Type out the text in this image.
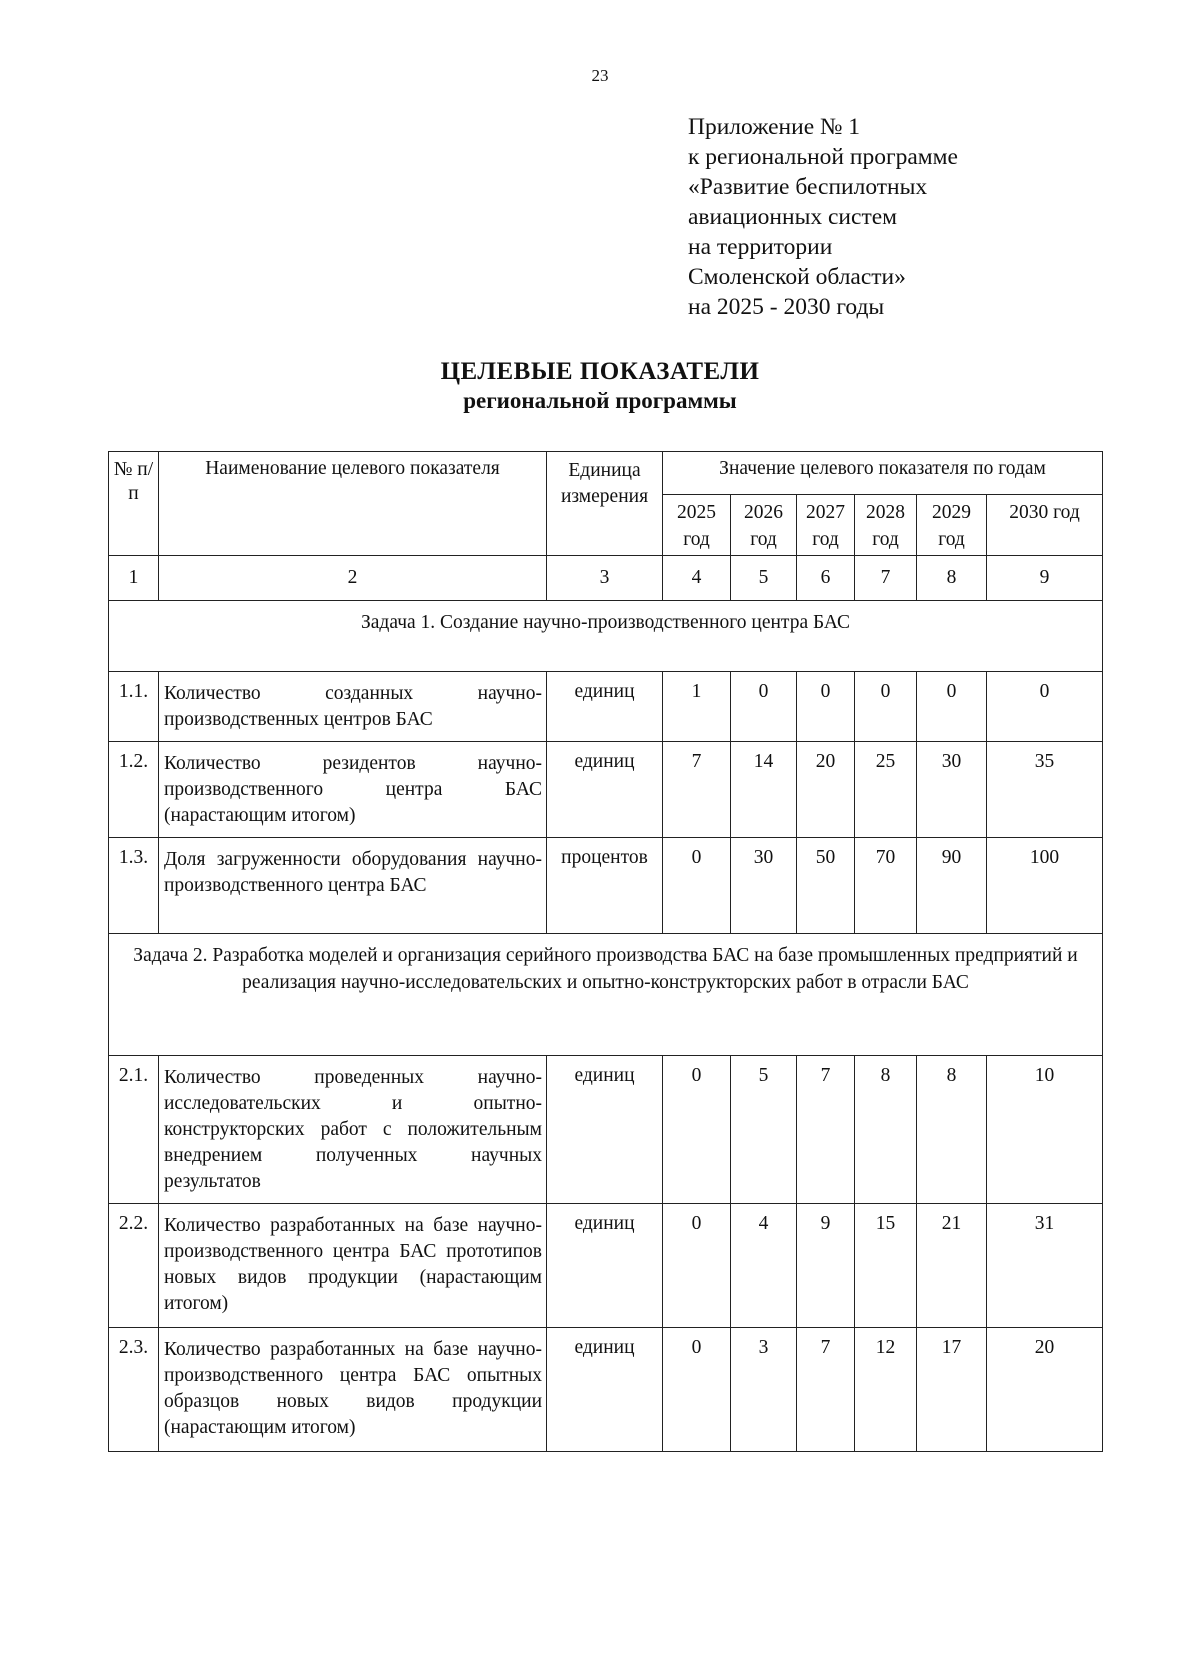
23
Приложение № 1
к региональной программе
«Развитие беспилотных
авиационных систем
на территории
Смоленской области»
на 2025 - 2030 годы
ЦЕЛЕВЫЕ ПОКАЗАТЕЛИ
региональной программы
№ п/п	Наименование целевого показателя	Единица измерения	Значение целевого показателя по годам					
			2025 год	2026 год	2027 год	2028 год	2029 год	2030 год
1	2	3	4	5	6	7	8	9
Задача 1. Создание научно-производственного центра БАС								
1.1.	Количество созданных научно-производственных центров БАС	единиц	1	0	0	0	0	0
1.2.	Количество резидентов научно-производственного центра БАС (нарастающим итогом)	единиц	7	14	20	25	30	35
1.3.	Доля загруженности оборудования научно-производственного центра БАС	процентов	0	30	50	70	90	100
Задача 2. Разработка моделей и организация серийного производства БАС на базе промышленных предприятий и реализация научно-исследовательских и опытно-конструкторских работ в отрасли БАС								
2.1.	Количество проведенных научно-исследовательских и опытно-конструкторских работ с положительным внедрением полученных научных результатов	единиц	0	5	7	8	8	10
2.2.	Количество разработанных на базе научно-производственного центра БАС прототипов новых видов продукции (нарастающим итогом)	единиц	0	4	9	15	21	31
2.3.	Количество разработанных на базе научно-производственного центра БАС опытных образцов новых видов продукции (нарастающим итогом)	единиц	0	3	7	12	17	20
